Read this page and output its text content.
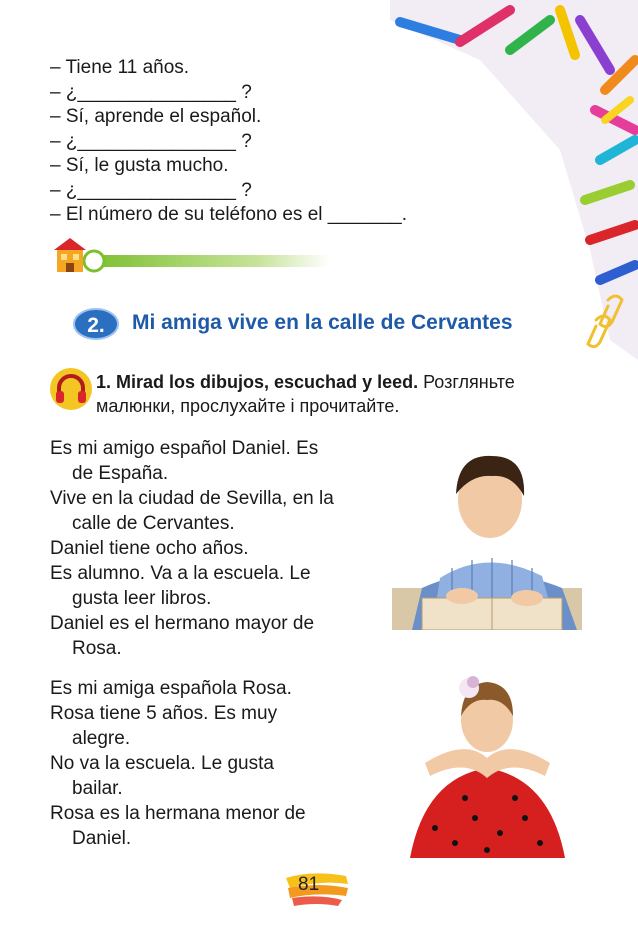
– Tiene 11 años.
– ¿_______________ ?
– Sí, aprende el español.
– ¿_______________ ?
– Sí, le gusta mucho.
– ¿_______________ ?
– El número de su teléfono es el _______.
2. Mi amiga vive en la calle de Cervantes
1. Mirad los dibujos, escuchad y leed. Розгляньте
малюнки, прослухайте і прочитайте.
Es mi amigo español Daniel. Es
de España.
Vive en la ciudad de Sevilla, en la
calle de Cervantes.
Daniel tiene ocho años.
Es alumno. Va a la escuela. Le
gusta leer libros.
Daniel es el hermano mayor de
Rosa.
Es mi amiga española Rosa.
Rosa tiene 5 años. Es muy
alegre.
No va la escuela. Le gusta
bailar.
Rosa es la hermana menor de
Daniel.
81
